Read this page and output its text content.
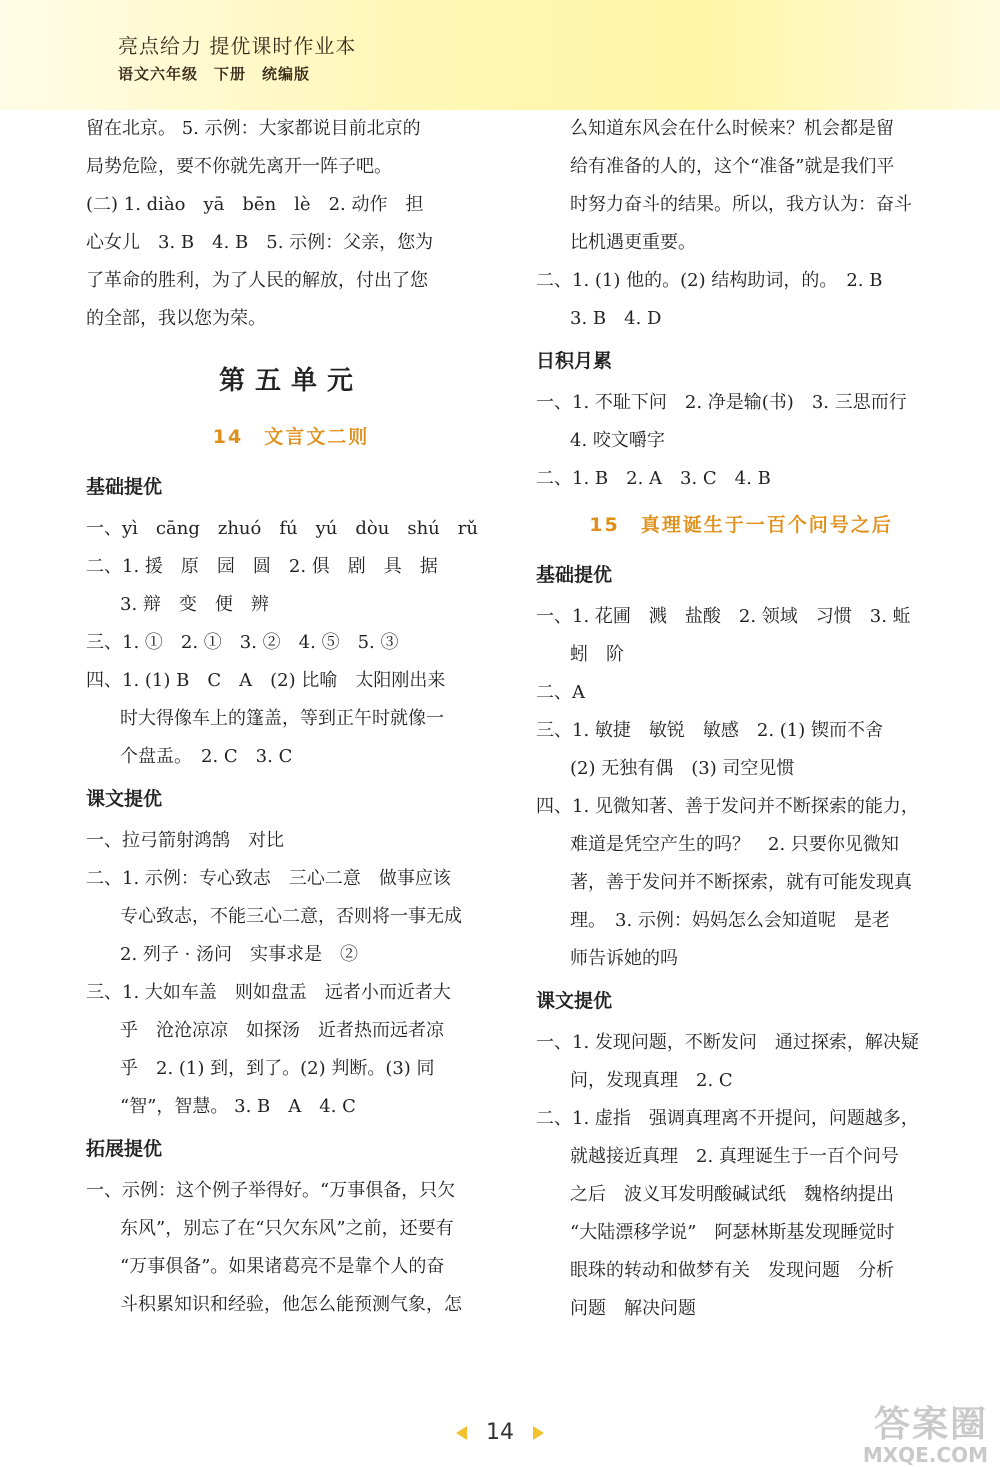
亮点给力 提优课时作业本
语文六年级　下册　统编版
留在北京。 5. 示例：大家都说目前北京的
局势危险，要不你就先离开一阵子吧。
(二) 1. diào　yā　bēn　lè　2. 动作　担
心女儿　3. B　4. B　5. 示例：父亲，您为
了革命的胜利，为了人民的解放，付出了您
的全部，我以您为荣。
第五单元
14　文言文二则
基础提优
一、yì　cāng　zhuó　fú　yú　dòu　shú　rǔ
二、1. 援　原　园　圆　2. 俱　剧　具　据
3. 辩　变　便　辨
三、1. ①　2. ①　3. ②　4. ⑤　5. ③
四、1. (1) B　C　A　(2) 比喻　太阳刚出来
时大得像车上的篷盖，等到正午时就像一
个盘盂。　2. C　3. C
课文提优
一、拉弓箭射鸿鹄　对比
二、1. 示例：专心致志　三心二意　做事应该
专心致志，不能三心二意，否则将一事无成
2. 列子 · 汤问　实事求是　②
三、1. 大如车盖　则如盘盂　远者小而近者大
乎　沧沧凉凉　如探汤　近者热而远者凉
乎　2. (1) 到，到了。(2) 判断。(3) 同
“智”，智慧。 3. B　A　4. C
拓展提优
一、示例：这个例子举得好。“万事俱备，只欠
东风”，别忘了在“只欠东风”之前，还要有
“万事俱备”。如果诸葛亮不是靠个人的奋
斗积累知识和经验，他怎么能预测气象，怎
么知道东风会在什么时候来？机会都是留
给有准备的人的，这个“准备”就是我们平
时努力奋斗的结果。所以，我方认为：奋斗
比机遇更重要。
二、1. (1) 他的。(2) 结构助词，的。　2. B
3. B　4. D
日积月累
一、1. 不耻下问　2. 净是输(书)　3. 三思而行
4. 咬文嚼字
二、1. B　2. A　3. C　4. B
15　真理诞生于一百个问号之后
基础提优
一、1. 花圃　溅　盐酸　2. 领域　习惯　3. 蚯
蚓　阶
二、A
三、1. 敏捷　敏锐　敏感　2. (1) 锲而不舍
(2) 无独有偶　(3) 司空见惯
四、1. 见微知著、善于发问并不断探索的能力，
难道是凭空产生的吗？　2. 只要你见微知
著，善于发问并不断探索，就有可能发现真
理。　3. 示例：妈妈怎么会知道呢　是老
师告诉她的吗
课文提优
一、1. 发现问题，不断发问　通过探索，解决疑
问，发现真理　2. C
二、1. 虚指　强调真理离不开提问，问题越多，
就越接近真理　2. 真理诞生于一百个问号
之后　波义耳发明酸碱试纸　魏格纳提出
“大陆漂移学说”　阿瑟林斯基发现睡觉时
眼珠的转动和做梦有关　发现问题　分析
问题　解决问题
14	答案圈
MXQE.COM
